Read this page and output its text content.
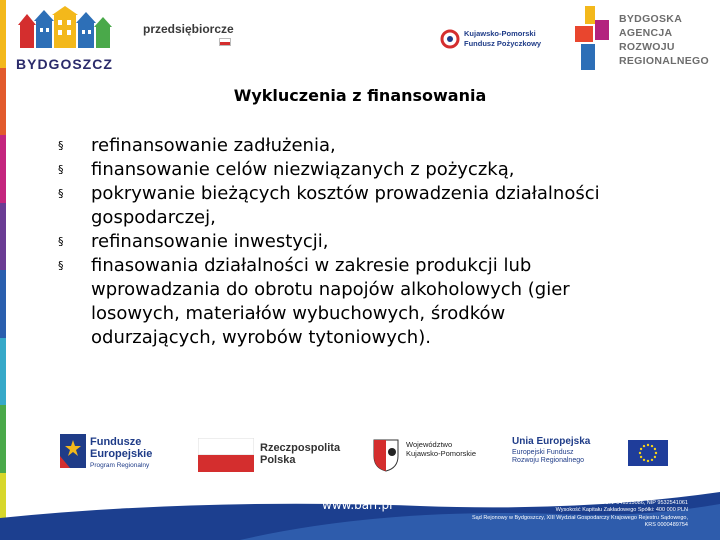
BYDGOSZCZ
przedsiębiorcze	Kujawsko-Pomorski
Fundusz Pożyczkowy
BYDGOSKA
AGENCJA
ROZWOJU
REGIONALNEGO
Wykluczenia z finansowania
§ refinansowanie zadłużenia,
§ finansowanie celów niezwiązanych z pożyczką,
§ pokrywanie bieżących kosztów prowadzenia działalności
gospodarczej,
§ refinansowanie inwestycji,
§ finasowania działalności w zakresie produkcji lub
wprowadzania do obrotu napojów alkoholowych (gier
losowych, materiałów wybuchowych, środków
odurzających, wyrobów tytoniowych).
Fundusze
Europejskie
Program Regionalny
Rzeczpospolita
Polska
Województwo
Kujawsko-Pomorskie
Unia Europejska
Europejski Fundusz
Rozwoju Regionalnego
www.barr.pl
Bydgoska Agencja Rozwoju Regionalnego Sp. z o.o.
REGON: 341315086, NIP 9532541061
Wysokość Kapitału Zakładowego Spółki: 400 000 PLN
Sąd Rejonowy w Bydgoszczy, XIII Wydział Gospodarczy Krajowego Rejestru Sądowego,
KRS 0000489754
